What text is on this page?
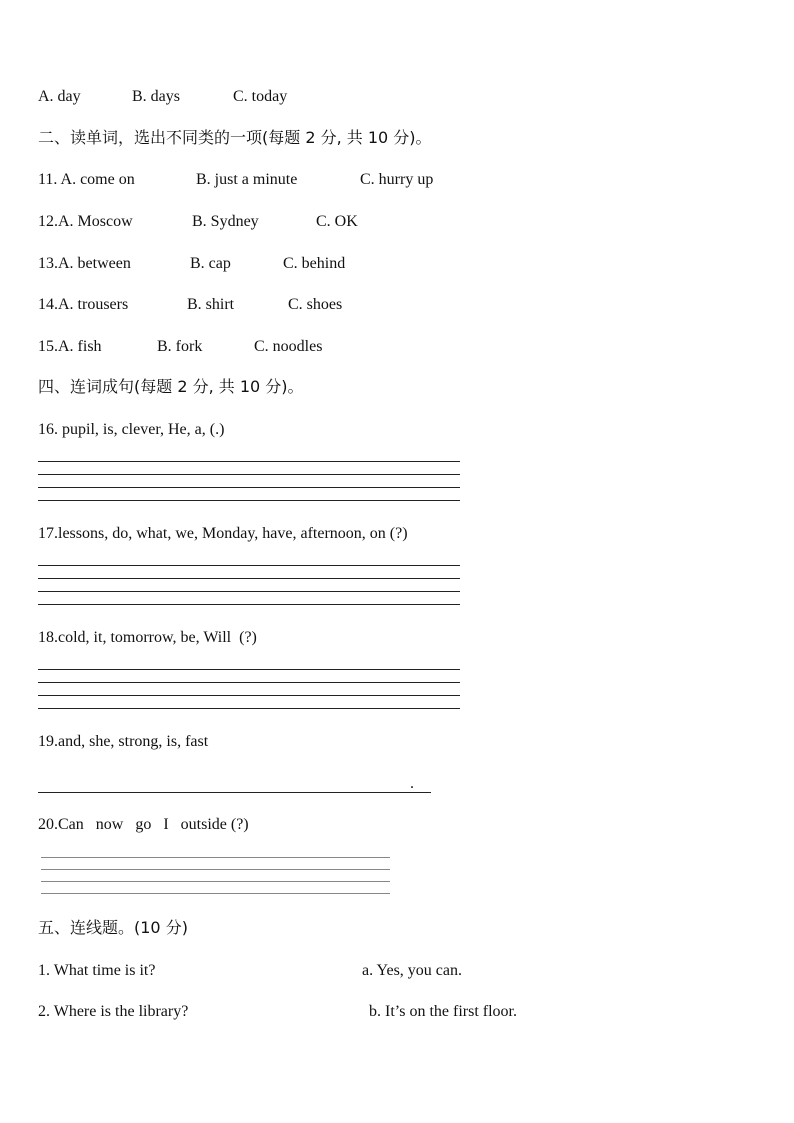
A. day	B. days	C. today
二、读单词，选出不同类的一项(每题 2 分, 共 10 分)。
11. A. come on	B. just a minute	C. hurry up
12.A. Moscow	B. Sydney	C. OK
13.A. between	B. cap	C. behind
14.A. trousers	B. shirt	C. shoes
15.A. fish	B. fork	C. noodles
四、连词成句(每题 2 分, 共 10 分)。
16. pupil, is, clever, He, a, (.)
17.lessons, do, what, we, Monday, have, afternoon, on (?)
18.cold, it, tomorrow, be, Will  (?)
19.and, she, strong, is, fast
.
20.Can   now   go   I   outside (?)
五、连线题。(10 分)
1. What time is it?	a. Yes, you can.
2. Where is the library?	b. It’s on the first floor.
